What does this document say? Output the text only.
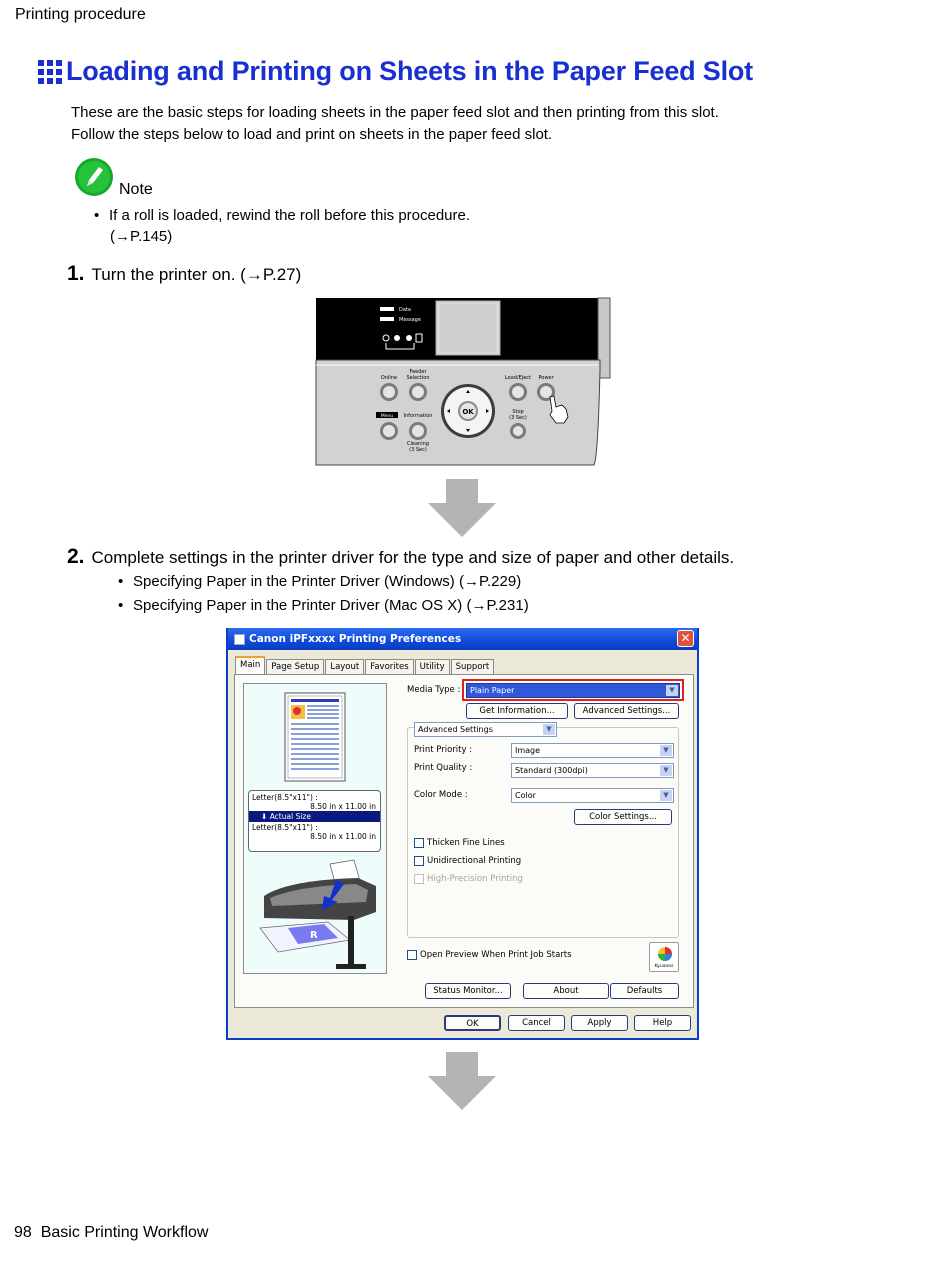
Printing procedure
Loading and Printing on Sheets in the Paper Feed Slot
These are the basic steps for loading sheets in the paper feed slot and then printing from this slot.
Follow the steps below to load and print on sheets in the paper feed slot.
Note
• If a roll is loaded, rewind the roll before this procedure.
(→P.145)
1. Turn the printer on. (→P.27)
Data
Message
Online
Feeder
Selection
Menu Information
Cleaning
(3 Sec)
OK
Load/Eject Power
Stop
(3 Sec)
2. Complete settings in the printer driver for the type and size of paper and other details.
• Specifying Paper in the Printer Driver (Windows) (→P.229)
• Specifying Paper in the Printer Driver (Mac OS X) (→P.231)
Canon iPFxxxx Printing Preferences	✕
Main	Page Setup	Layout	Favorites	Utility	Support
Letter(8.5"x11") :
8.50 in x 11.00 in
⬇ Actual Size
Letter(8.5"x11") :
8.50 in x 11.00 in
R
Media Type :	Plain Paper	▼
Get Information...	Advanced Settings...
Advanced Settings	▼
Print Priority :	Image	▼
Print Quality :	Standard (300dpi)	▼
Color Mode :	Color	▼
Color Settings...
Thicken Fine Lines
Unidirectional Printing
High-Precision Printing
Open Preview When Print Job Starts
Kyuanos
Status Monitor...	About	Defaults
OK	Cancel	Apply	Help
98 Basic Printing Workflow
